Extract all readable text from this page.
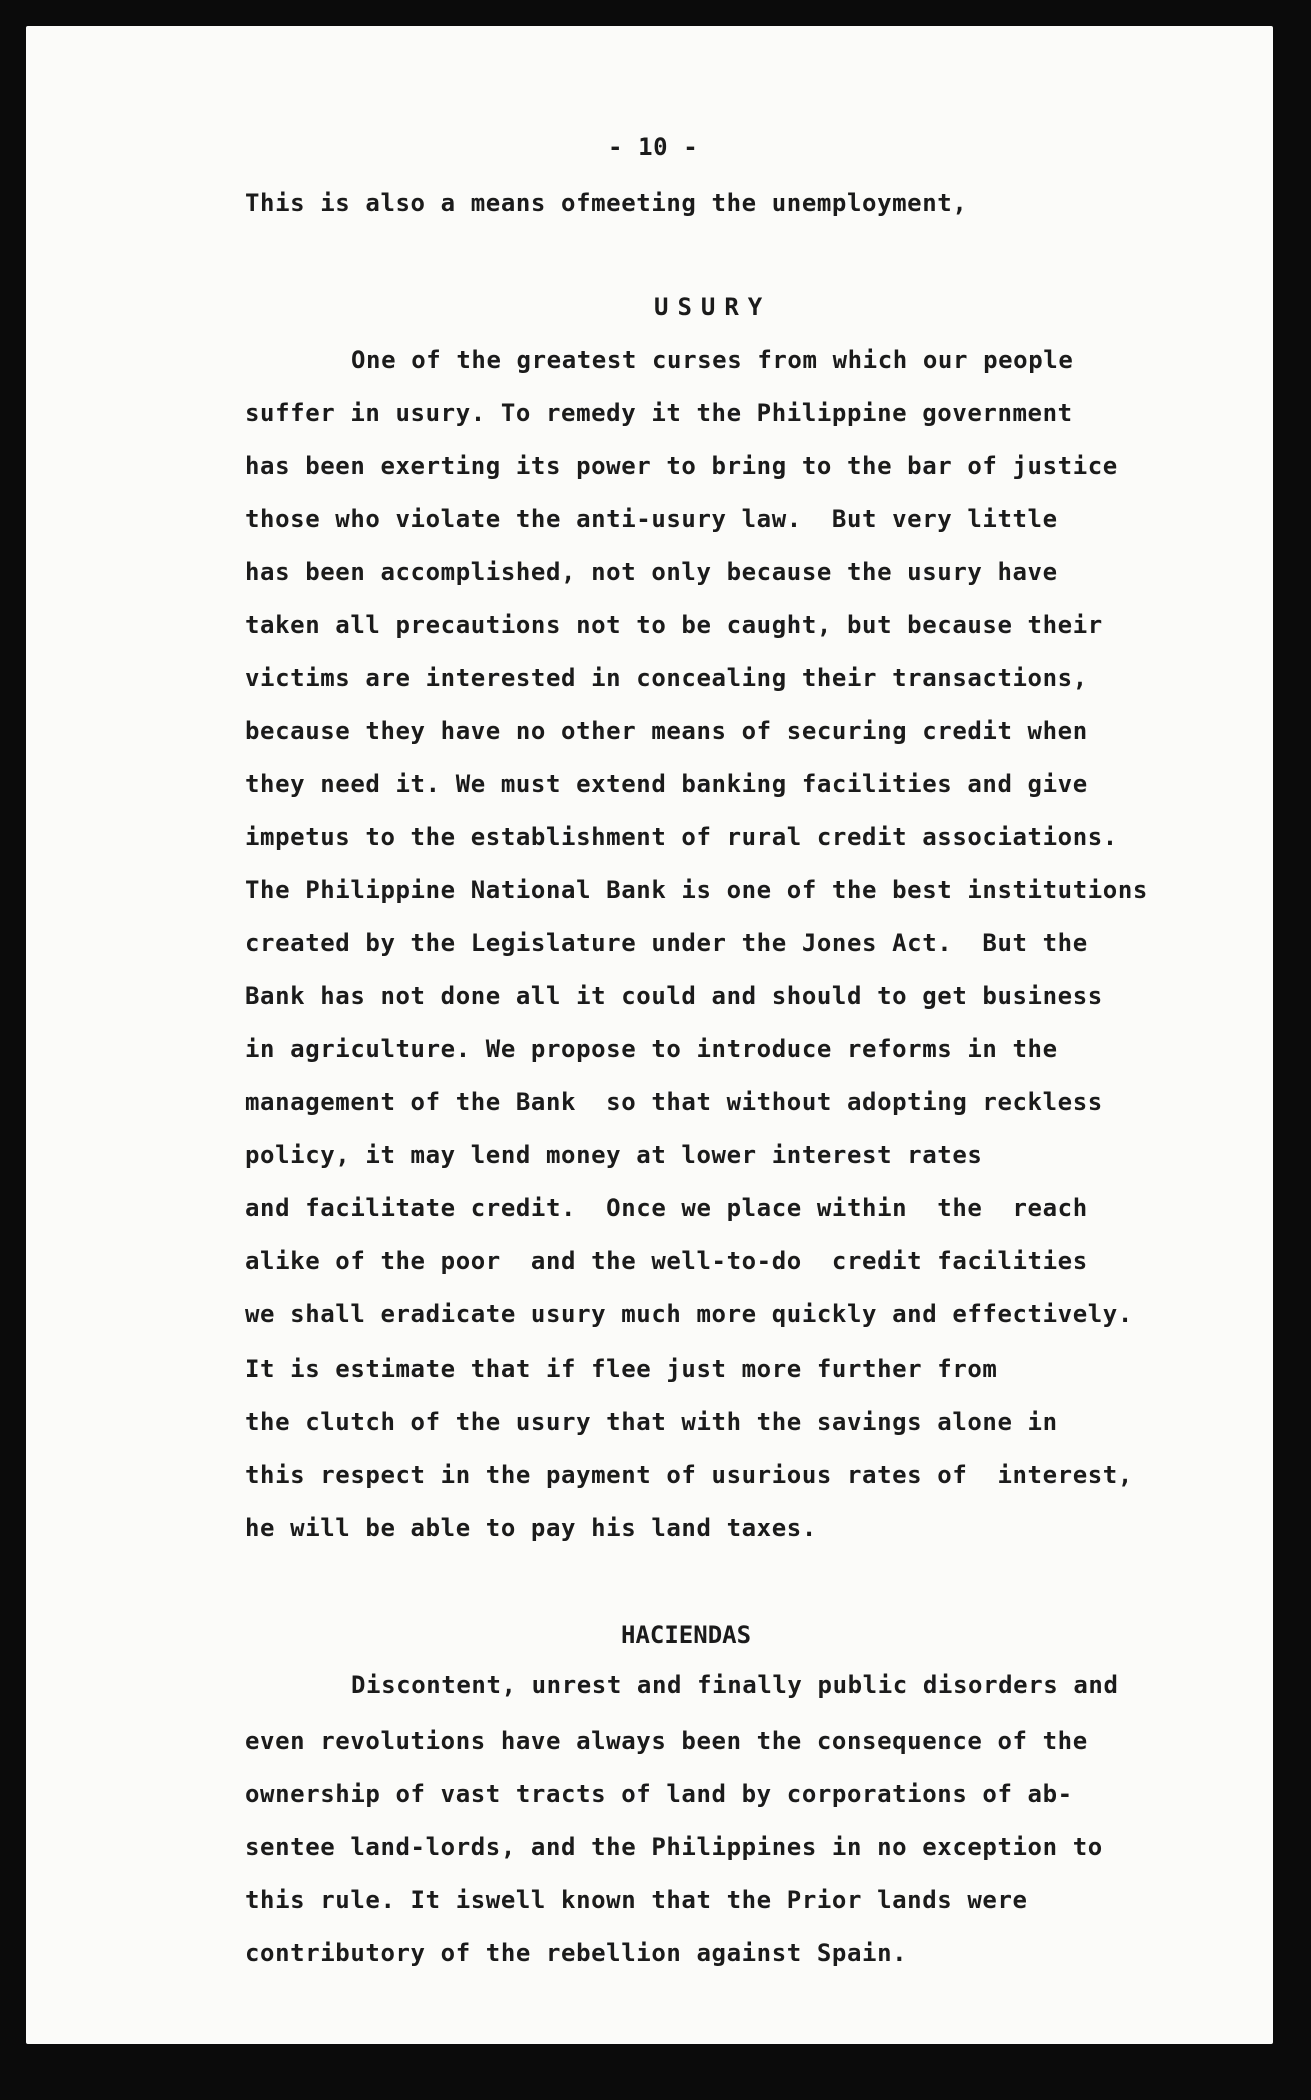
- 10 -
This is also a means ofmeeting the unemployment,
USURY
One of the greatest curses from which our people
suffer in usury. To remedy it the Philippine government
has been exerting its power to bring to the bar of justice
those who violate the anti-usury law.  But very little
has been accomplished, not only because the usury have
taken all precautions not to be caught, but because their
victims are interested in concealing their transactions,
because they have no other means of securing credit when
they need it. We must extend banking facilities and give
impetus to the establishment of rural credit associations.
The Philippine National Bank is one of the best institutions
created by the Legislature under the Jones Act.  But the
Bank has not done all it could and should to get business
in agriculture. We propose to introduce reforms in the
management of the Bank  so that without adopting reckless
policy, it may lend money at lower interest rates
and facilitate credit.  Once we place within  the  reach
alike of the poor  and the well-to-do  credit facilities
we shall eradicate usury much more quickly and effectively.
It is estimate that if flee just more further from
the clutch of the usury that with the savings alone in
this respect in the payment of usurious rates of  interest,
he will be able to pay his land taxes.
HACIENDAS
Discontent, unrest and finally public disorders and
even revolutions have always been the consequence of the
ownership of vast tracts of land by corporations of ab-
sentee land-lords, and the Philippines in no exception to
this rule. It iswell known that the Prior lands were
contributory of the rebellion against Spain.
